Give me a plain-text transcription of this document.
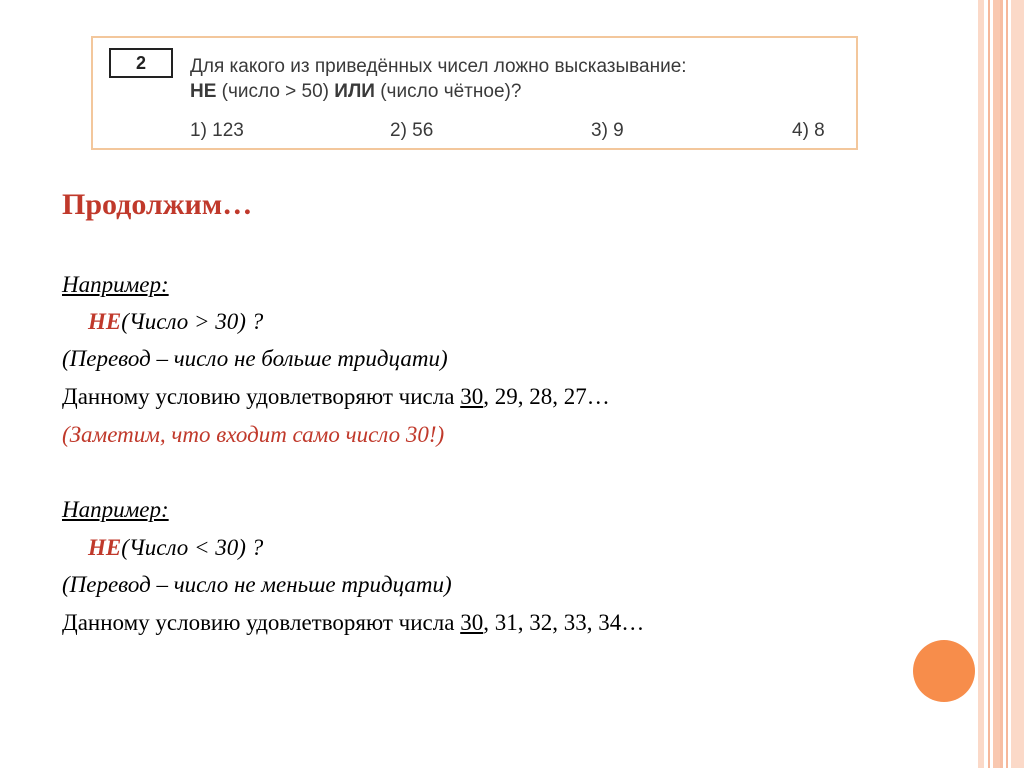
2	Для какого из приведённых чисел ложно высказывание:
НЕ (число > 50) ИЛИ (число чётное)?
1) 123	2) 56	3) 9	4) 8
Продолжим…
Например:
НЕ(Число > 30) ?
(Перевод – число не больше тридцати)
Данному условию удовлетворяют числа 30, 29, 28, 27…
(Заметим, что входит само число 30!)
Например:
НЕ(Число < 30) ?
(Перевод – число не меньше тридцати)
Данному условию удовлетворяют числа 30, 31, 32, 33, 34…
